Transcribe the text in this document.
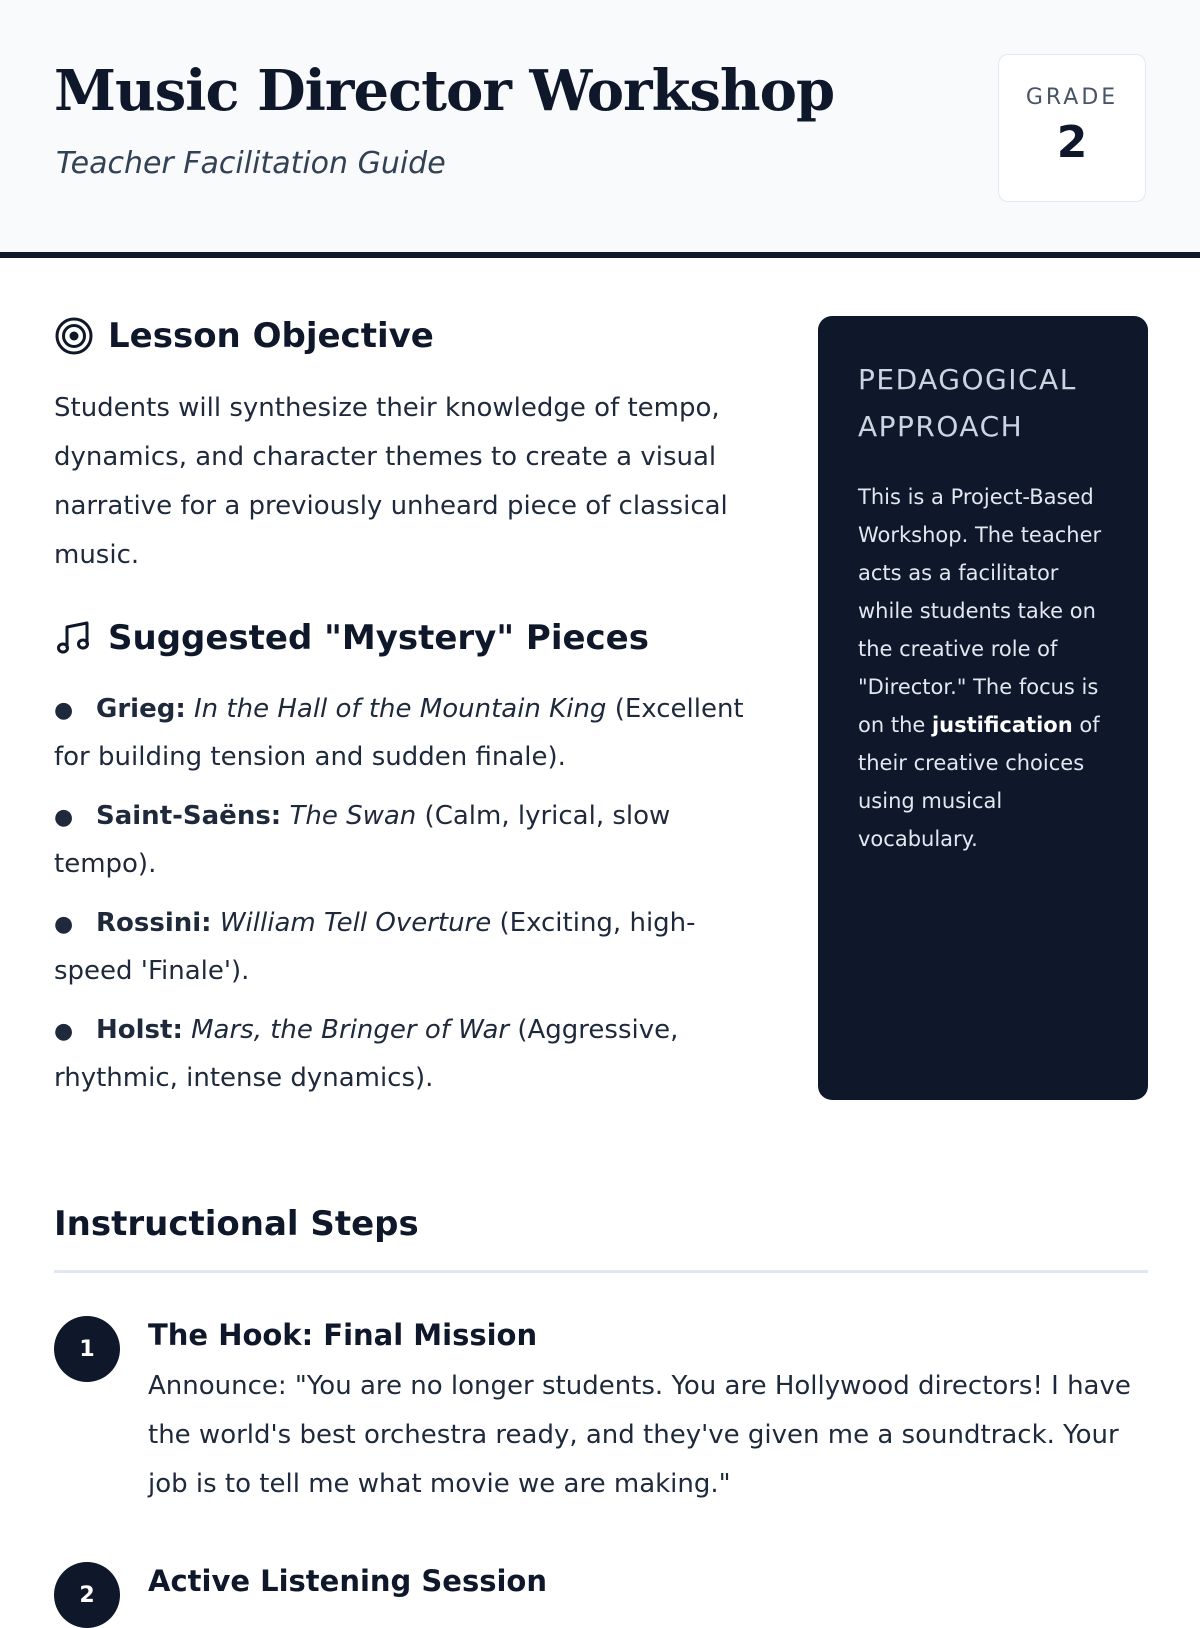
Music Director Workshop

Teacher Facilitation Guide

GRADE
2
Lesson Objective

Students will synthesize their knowledge of tempo, dynamics, and character themes to create a visual narrative for a previously unheard piece of classical music.

Suggested "Mystery" Pieces
● Grieg: In the Hall of the Mountain King (Excellent for building tension and sudden finale).
● Saint-Saëns: The Swan (Calm, lyrical, slow tempo).
● Rossini: William Tell Overture (Exciting, high-speed 'Finale').
● Holst: Mars, the Bringer of War (Aggressive, rhythmic, intense dynamics).
PEDAGOGICAL APPROACH

This is a Project-Based Workshop. The teacher acts as a facilitator while students take on the creative role of "Director." The focus is on the justification of their creative choices using musical vocabulary.

Instructional Steps
1	The Hook: Final Mission

Announce: "You are no longer students. You are Hollywood directors! I have the world's best orchestra ready, and they've given me a soundtrack. Your job is to tell me what movie we are making."

2	Active Listening Session
